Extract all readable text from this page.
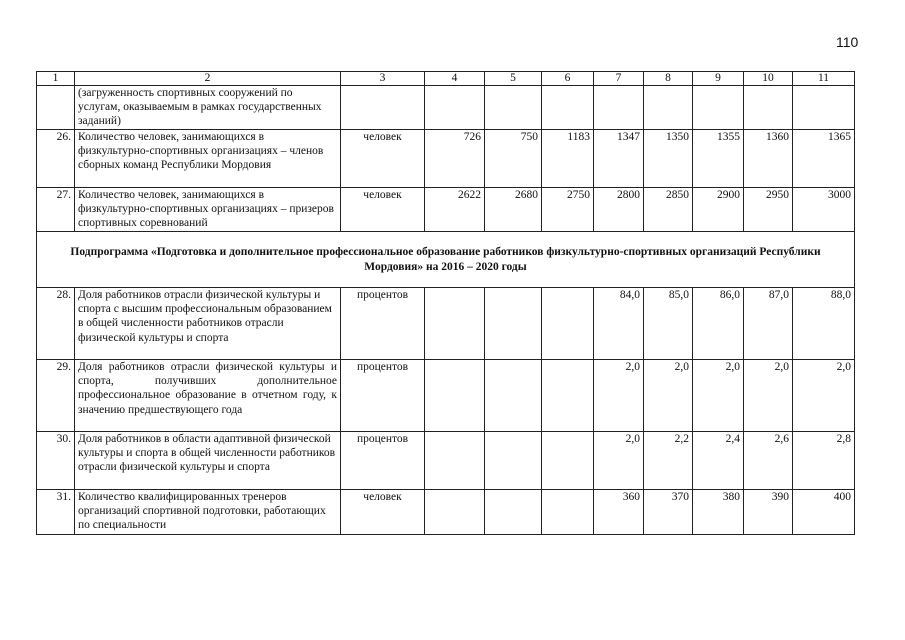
110
1	2	3	4	5	6	7	8	9	10	11
	(загруженность спортивных сооружений по услугам, оказываемым в рамках государственных заданий)									
26.	Количество человек, занимающихся в физкультурно-спортивных организациях – членов сборных команд Республики Мордовия	человек	726	750	1183	1347	1350	1355	1360	1365
27.	Количество человек, занимающихся в физкультурно-спортивных организациях – призеров спортивных соревнований	человек	2622	2680	2750	2800	2850	2900	2950	3000
Подпрограмма «Подготовка и дополнительное профессиональное образование работников физкультурно-спортивных организаций Республики Мордовия» на 2016 – 2020 годы										
28.	Доля работников отрасли физической культуры и спорта с высшим профессиональным образованием в общей численности работников отрасли физической культуры и спорта	процентов				84,0	85,0	86,0	87,0	88,0
29.	Доля работников отрасли физической культуры и спорта, получивших дополнительное профессиональное образование в отчетном году, к значению предшествующего года	процентов				2,0	2,0	2,0	2,0	2,0
30.	Доля работников в области адаптивной физической культуры и спорта в общей численности работников отрасли физической культуры и спорта	процентов				2,0	2,2	2,4	2,6	2,8
31.	Количество квалифицированных тренеров организаций спортивной подготовки, работающих по специальности	человек				360	370	380	390	400
